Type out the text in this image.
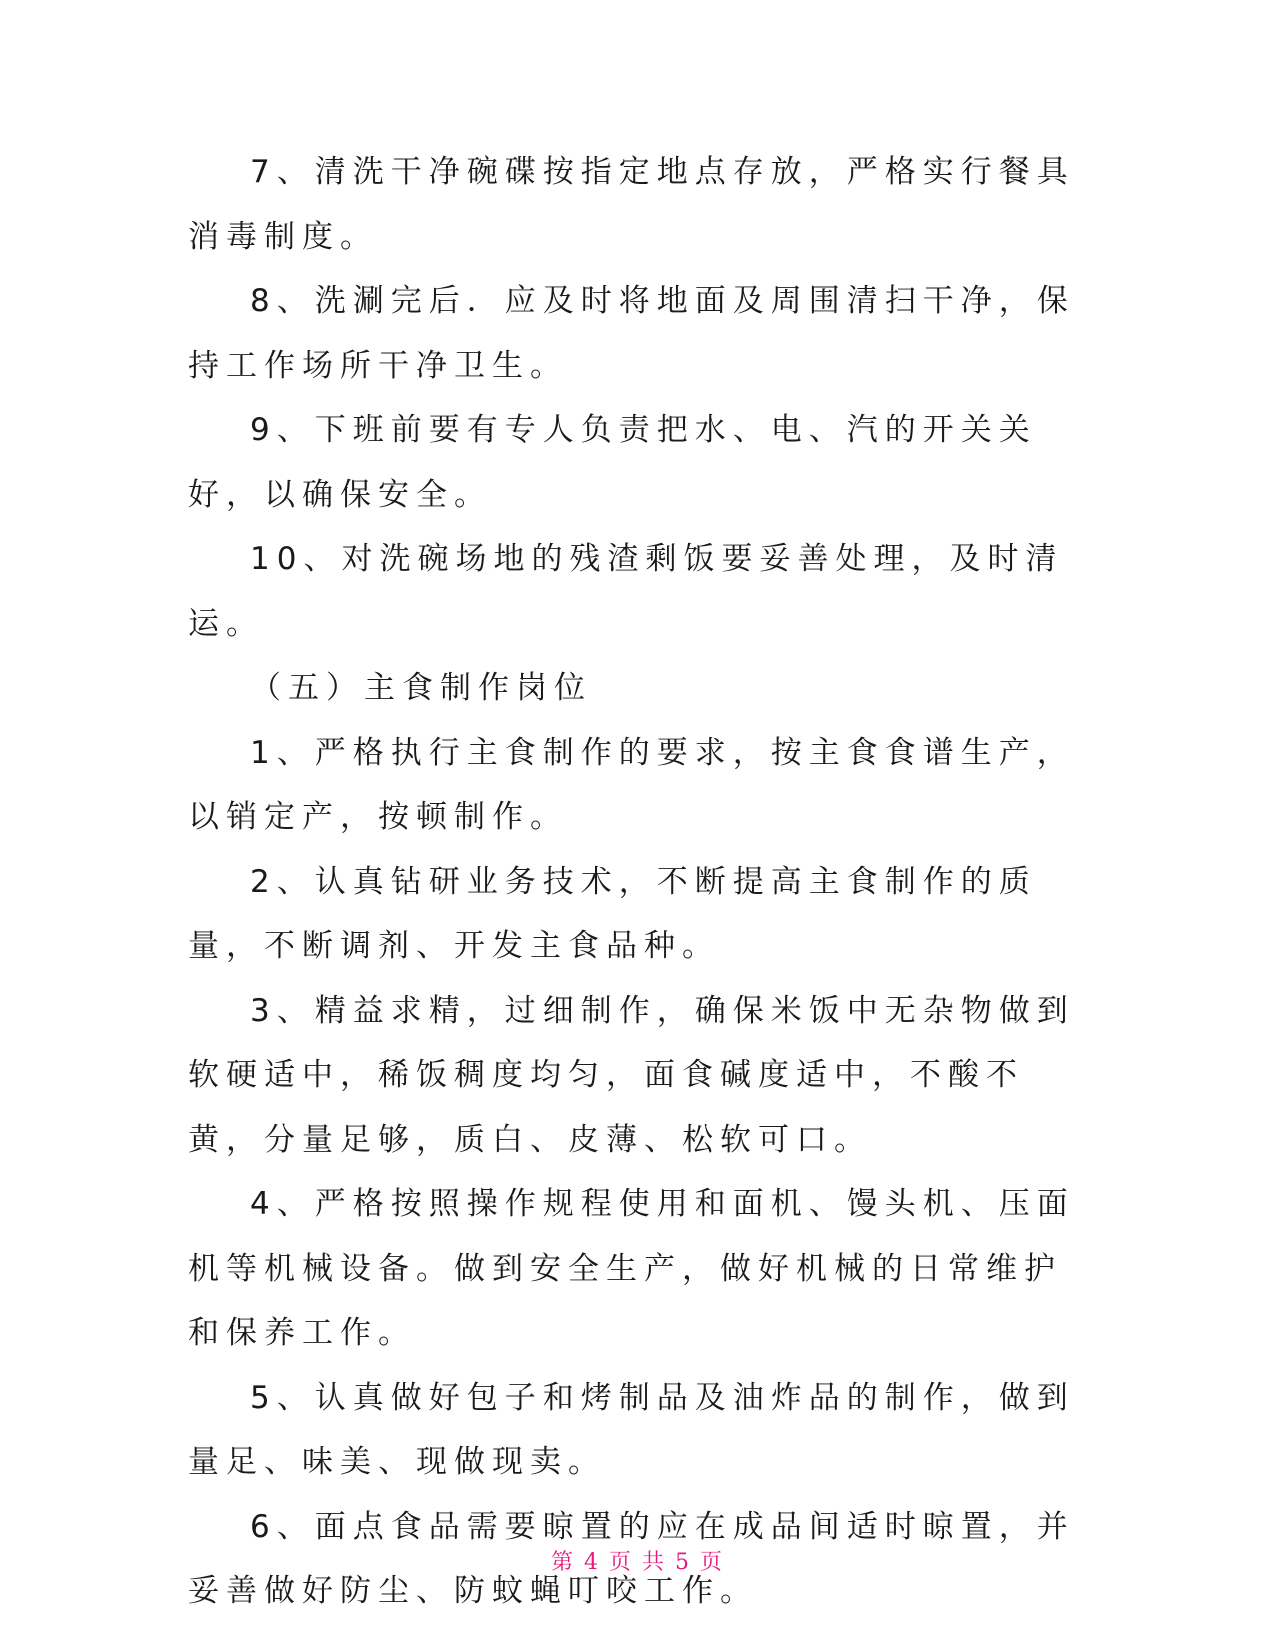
7、清洗干净碗碟按指定地点存放，严格实行餐具消毒制度。

8、洗涮完后．应及时将地面及周围清扫干净，保持工作场所干净卫生。

9、下班前要有专人负责把水、电、汽的开关关好，以确保安全。

10、对洗碗场地的残渣剩饭要妥善处理，及时清运。

（五）主食制作岗位

1、严格执行主食制作的要求，按主食食谱生产，以销定产，按顿制作。

2、认真钻研业务技术，不断提高主食制作的质量，不断调剂、开发主食品种。

3、精益求精，过细制作，确保米饭中无杂物做到软硬适中，稀饭稠度均匀，面食碱度适中，不酸不黄，分量足够，质白、皮薄、松软可口。

4、严格按照操作规程使用和面机、馒头机、压面机等机械设备。做到安全生产，做好机械的日常维护和保养工作。

5、认真做好包子和烤制品及油炸品的制作，做到量足、味美、现做现卖。

6、面点食品需要晾置的应在成品间适时晾置，并妥善做好防尘、防蚊蝇叮咬工作。

第 4 页 共 5 页
